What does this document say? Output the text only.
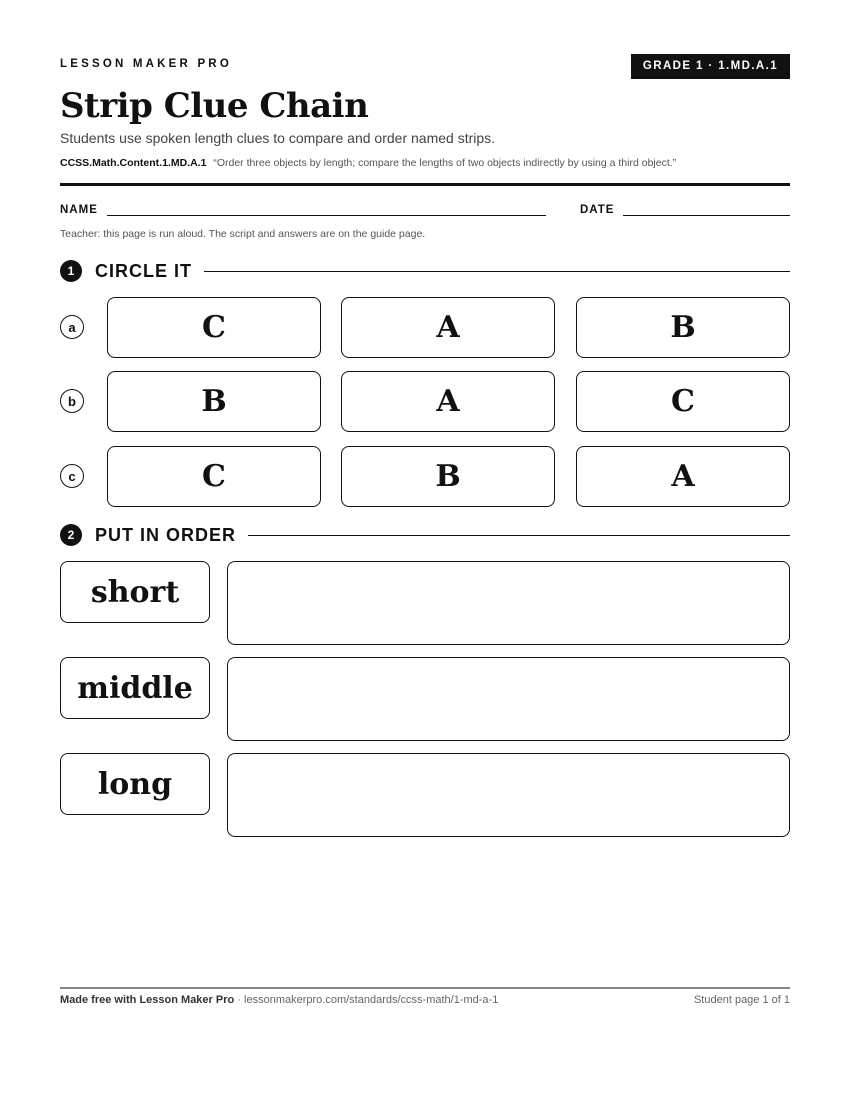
LESSON MAKER PRO	GRADE 1 · 1.MD.A.1
Strip Clue Chain
Students use spoken length clues to compare and order named strips.
CCSS.Math.Content.1.MD.A.1 “Order three objects by length; compare the lengths of two objects indirectly by using a third object.”
NAME	DATE
Teacher: this page is run aloud. The script and answers are on the guide page.
1	CIRCLE IT
a	C	A	B
b	B	A	C
c	C	B	A
2	PUT IN ORDER
short
middle
long
Made free with Lesson Maker Pro · lessonmakerpro.com/standards/ccss-math/1-md-a-1	Student page 1 of 1
